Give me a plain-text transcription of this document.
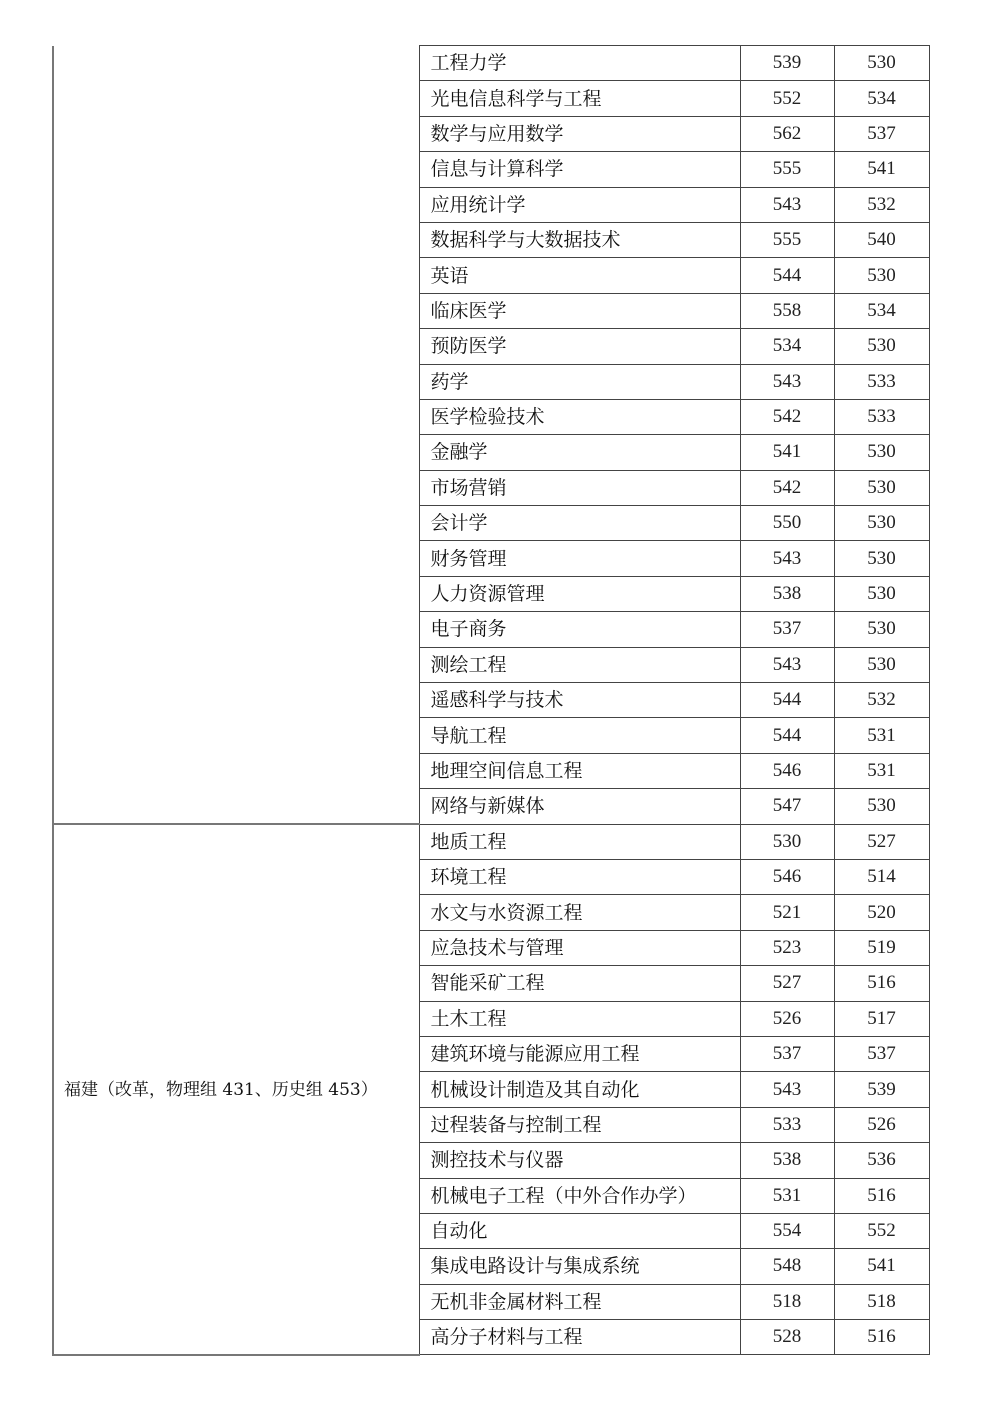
	工程力学	539	530
	光电信息科学与工程	552	534
	数学与应用数学	562	537
	信息与计算科学	555	541
	应用统计学	543	532
	数据科学与大数据技术	555	540
	英语	544	530
	临床医学	558	534
	预防医学	534	530
	药学	543	533
	医学检验技术	542	533
	金融学	541	530
	市场营销	542	530
	会计学	550	530
	财务管理	543	530
	人力资源管理	538	530
	电子商务	537	530
	测绘工程	543	530
	遥感科学与技术	544	532
	导航工程	544	531
	地理空间信息工程	546	531
	网络与新媒体	547	530
福建（改革，物理组 431、历史组 453）	地质工程	530	527
	环境工程	546	514
	水文与水资源工程	521	520
	应急技术与管理	523	519
	智能采矿工程	527	516
	土木工程	526	517
	建筑环境与能源应用工程	537	537
	机械设计制造及其自动化	543	539
	过程装备与控制工程	533	526
	测控技术与仪器	538	536
	机械电子工程（中外合作办学）	531	516
	自动化	554	552
	集成电路设计与集成系统	548	541
	无机非金属材料工程	518	518
	高分子材料与工程	528	516
